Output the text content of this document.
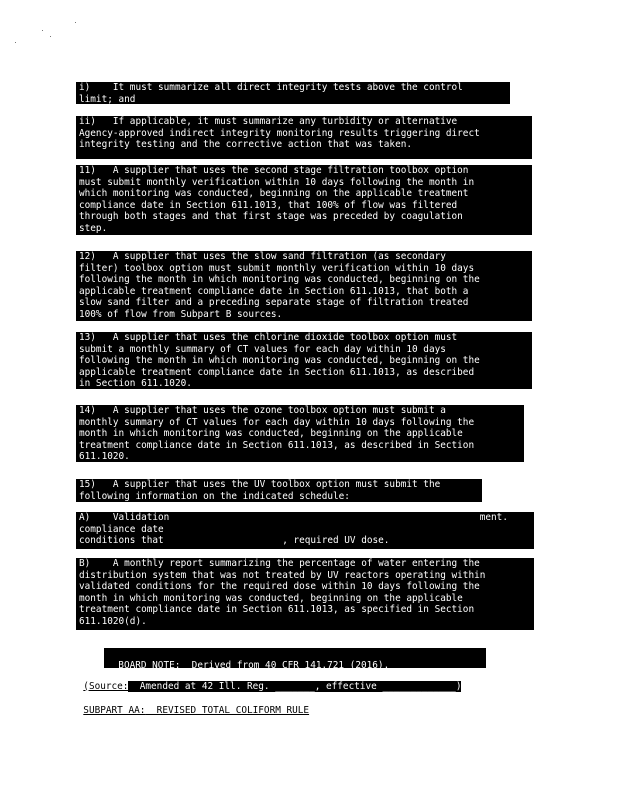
i)    It must summarize all direct integrity tests above the control
limit; and
ii)   If applicable, it must summarize any turbidity or alternative
Agency-approved indirect integrity monitoring results triggering direct
integrity testing and the corrective action that was taken.
11)   A supplier that uses the second stage filtration toolbox option
must submit monthly verification within 10 days following the month in
which monitoring was conducted, beginning on the applicable treatment
compliance date in Section 611.1013, that 100% of flow was filtered
through both stages and that first stage was preceded by coagulation
step.
12)   A supplier that uses the slow sand filtration (as secondary
filter) toolbox option must submit monthly verification within 10 days
following the month in which monitoring was conducted, beginning on the
applicable treatment compliance date in Section 611.1013, that both a
slow sand filter and a preceding separate stage of filtration treated
100% of flow from Subpart B sources.
13)   A supplier that uses the chlorine dioxide toolbox option must
submit a monthly summary of CT values for each day within 10 days
following the month in which monitoring was conducted, beginning on the
applicable treatment compliance date in Section 611.1013, as described
in Section 611.1020.
14)   A supplier that uses the ozone toolbox option must submit a
monthly summary of CT values for each day within 10 days following the
month in which monitoring was conducted, beginning on the applicable
treatment compliance date in Section 611.1013, as described in Section
611.1020.
15)   A supplier that uses the UV toolbox option must submit the
following information on the indicated schedule:
A)    Validation                                                       ment.
compliance date
conditions that                     , required UV dose.
B)    A monthly report summarizing the percentage of water entering the
distribution system that was not treated by UV reactors operating within
validated conditions for the required dose within 10 days following the
month in which monitoring was conducted, beginning on the applicable
treatment compliance date in Section 611.1013, as specified in Section
611.1020(d).

BOARD NOTE:  Derived from 40 CFR 141.721 (2016).

(Source:  Amended at 42 Ill. Reg. _______, effective _____________)

SUBPART AA:  REVISED TOTAL COLIFORM RULE
